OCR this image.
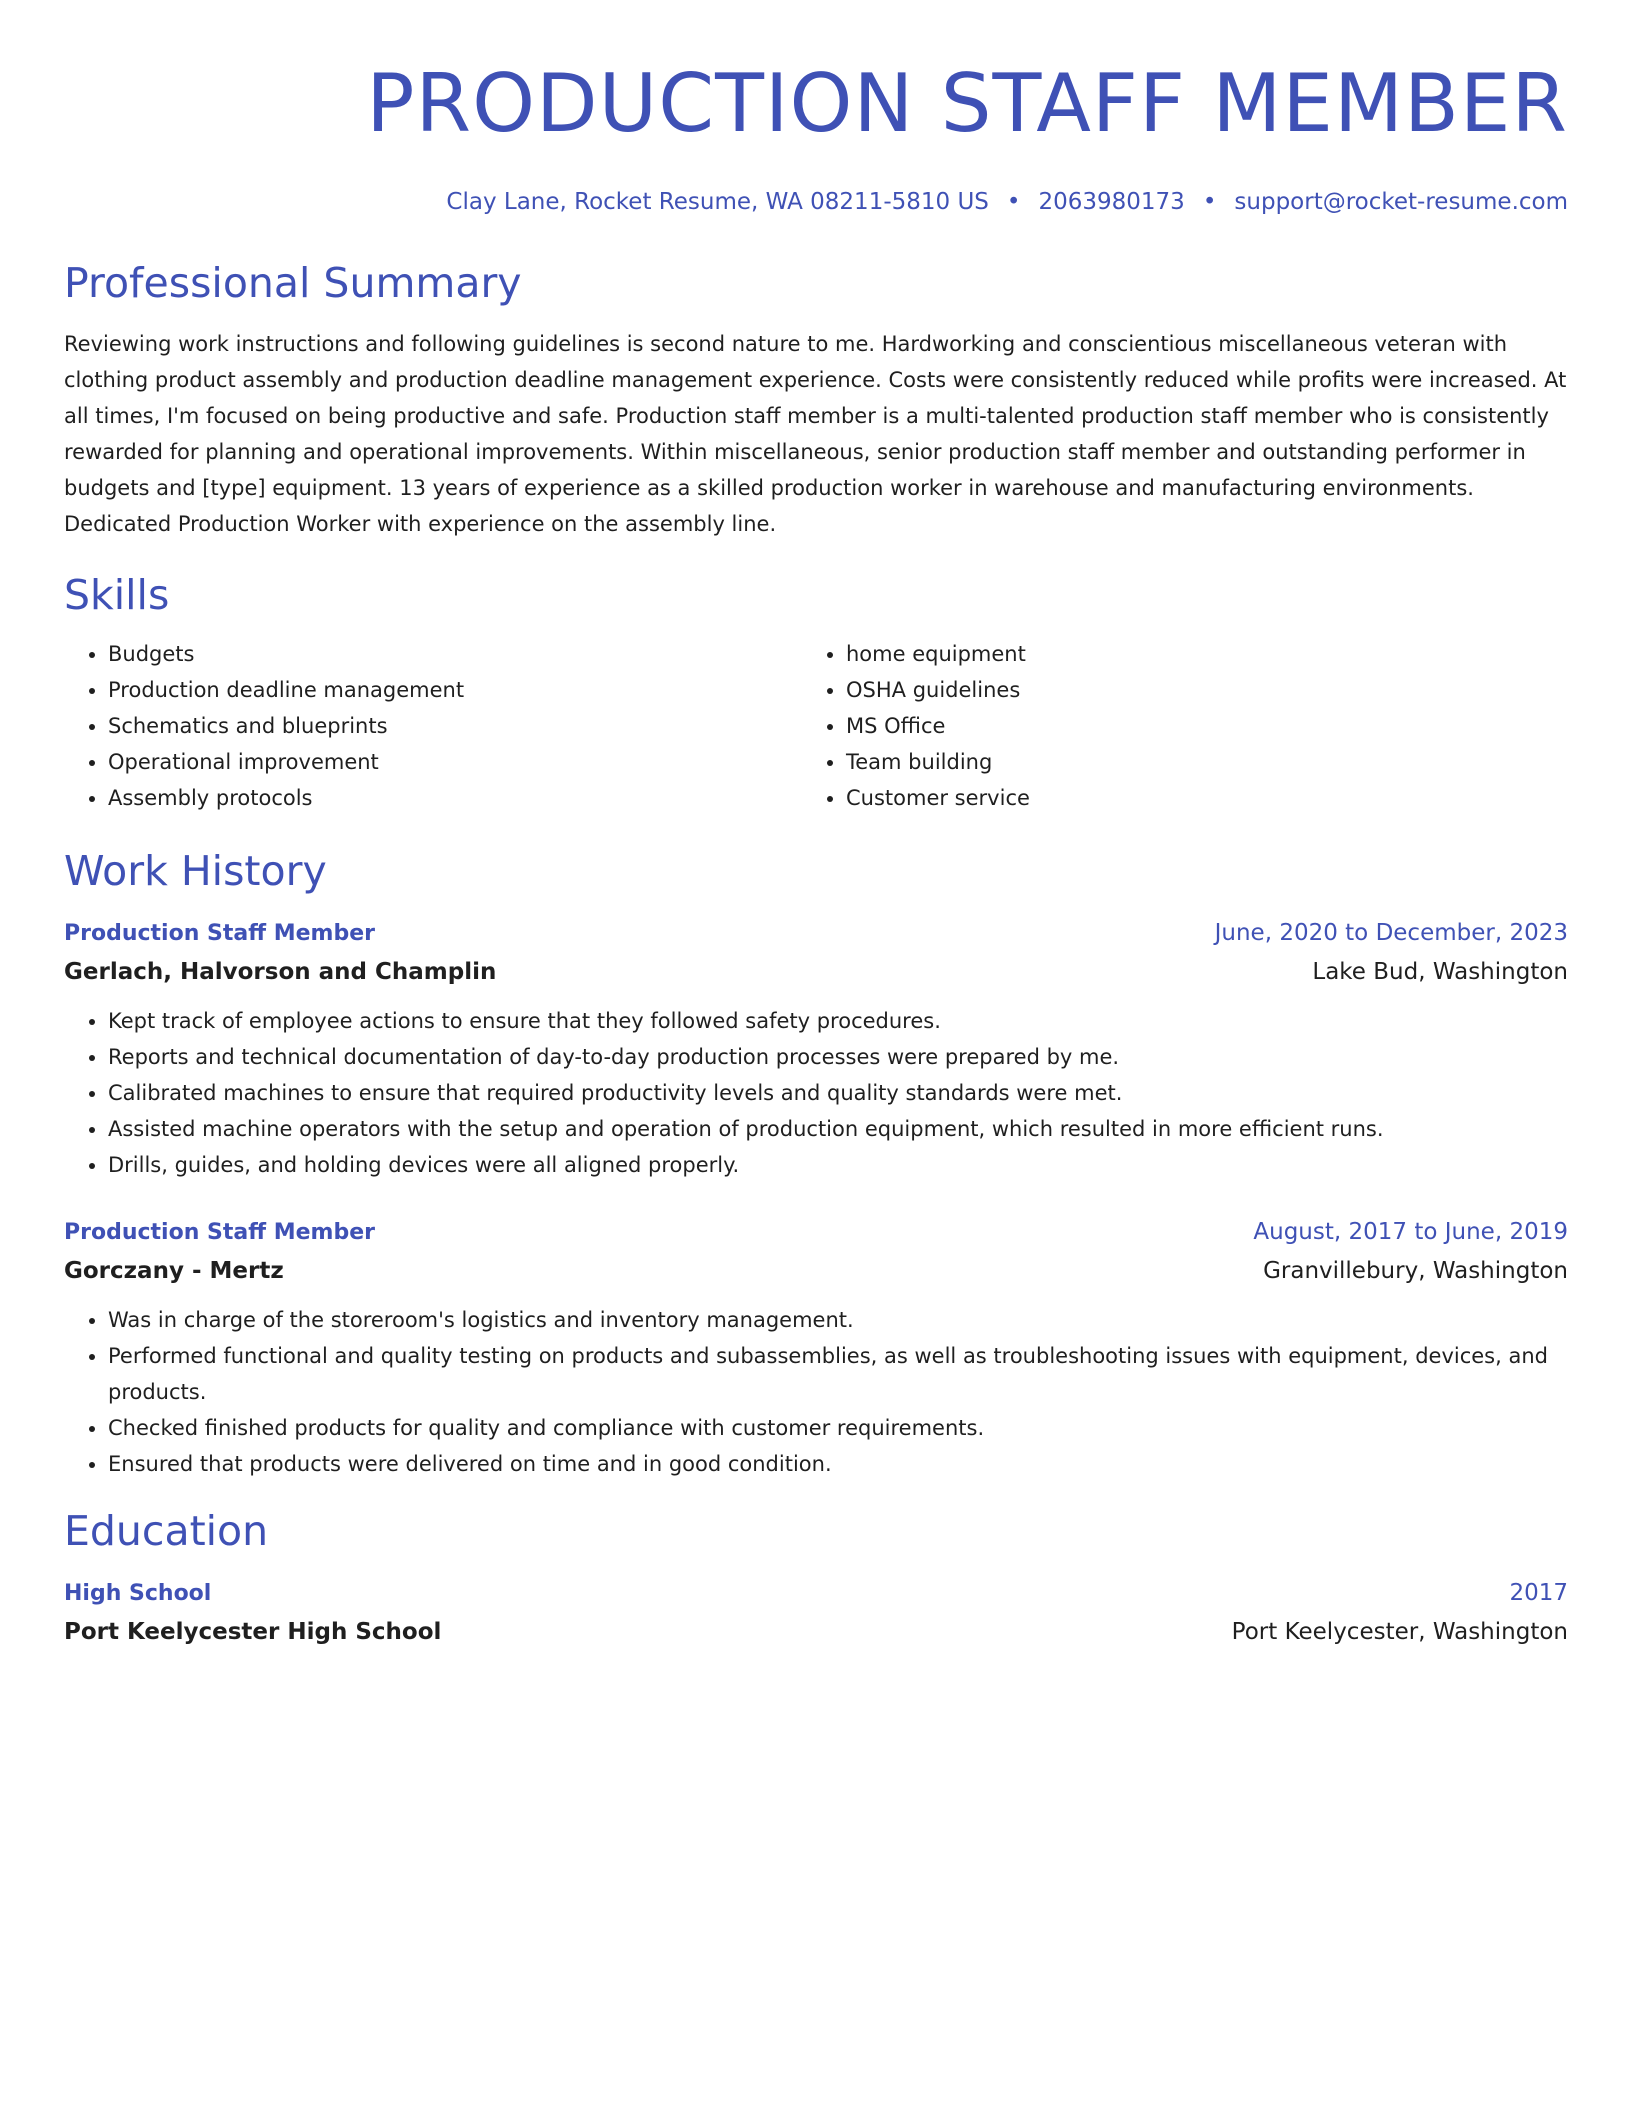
PRODUCTION STAFF MEMBER
Clay Lane, Rocket Resume, WA 08211-5810 US • 2063980173 • support@rocket-resume.com
Professional Summary
Reviewing work instructions and following guidelines is second nature to me. Hardworking and conscientious miscellaneous veteran with clothing product assembly and production deadline management experience. Costs were consistently reduced while profits were increased. At all times, I'm focused on being productive and safe. Production staff member is a multi-talented production staff member who is consistently rewarded for planning and operational improvements. Within miscellaneous, senior production staff member and outstanding performer in budgets and [type] equipment. 13 years of experience as a skilled production worker in warehouse and manufacturing environments. Dedicated Production Worker with experience on the assembly line.
Skills
• Budgets
• Production deadline management
• Schematics and blueprints
• Operational improvement
• Assembly protocols
• home equipment
• OSHA guidelines
• MS Office
• Team building
• Customer service
Work History
Production Staff Member	June, 2020 to December, 2023
Gerlach, Halvorson and Champlin	Lake Bud, Washington
• Kept track of employee actions to ensure that they followed safety procedures.
• Reports and technical documentation of day-to-day production processes were prepared by me.
• Calibrated machines to ensure that required productivity levels and quality standards were met.
• Assisted machine operators with the setup and operation of production equipment, which resulted in more efficient runs.
• Drills, guides, and holding devices were all aligned properly.
Production Staff Member	August, 2017 to June, 2019
Gorczany - Mertz	Granvillebury, Washington
• Was in charge of the storeroom's logistics and inventory management.
• Performed functional and quality testing on products and subassemblies, as well as troubleshooting issues with equipment, devices, and products.
• Checked finished products for quality and compliance with customer requirements.
• Ensured that products were delivered on time and in good condition.
Education
High School	2017
Port Keelycester High School	Port Keelycester, Washington
